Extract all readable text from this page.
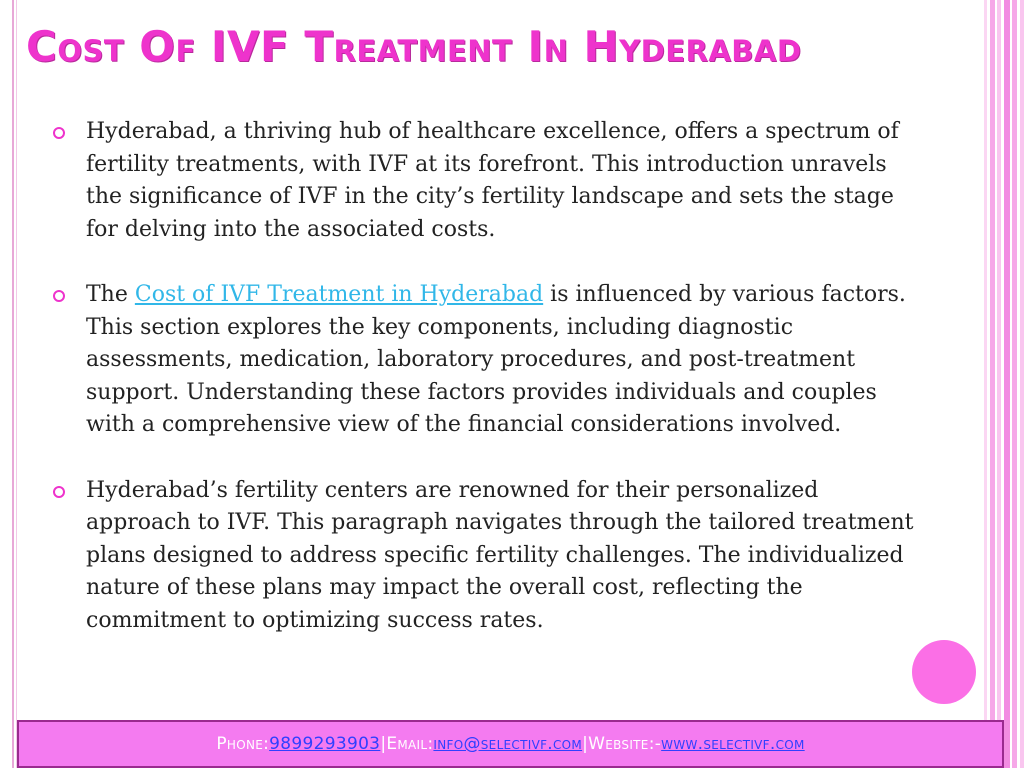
Cost Of IVF Treatment In Hyderabad
Hyderabad, a thriving hub of healthcare excellence, offers a spectrum of fertility treatments, with IVF at its forefront. This introduction unravels the significance of IVF in the city’s fertility landscape and sets the stage for delving into the associated costs.
The Cost of IVF Treatment in Hyderabad is influenced by various factors. This section explores the key components, including diagnostic assessments, medication, laboratory procedures, and post-treatment support. Understanding these factors provides individuals and couples with a comprehensive view of the financial considerations involved.
Hyderabad’s fertility centers are renowned for their personalized approach to IVF. This paragraph navigates through the tailored treatment plans designed to address specific fertility challenges. The individualized nature of these plans may impact the overall cost, reflecting the commitment to optimizing success rates.
Phone: 9899293903 | Email: info@selectivf.com | Website:- www.selectivf.com
